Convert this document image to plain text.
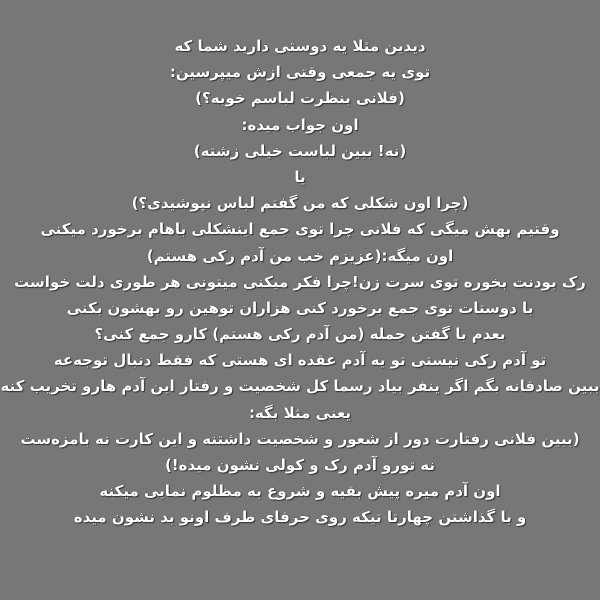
دیدین مثلا یه دوستی دارید شما که
توی یه جمعی وقتی ازش میپرسین:
(فلانی بنظرت لباسم خوبه؟)
اون جواب میده:
(نه! ببین لباست خیلی زشته)
یا
(چرا اون شکلی که من گفتم لباس نپوشیدی؟)
وقتیم بهش میگی که فلانی چرا توی جمع اینشکلی باهام برخورد میکنی
اون میگه:(عزیزم خب من آدم رکی هستم)
رک بودنت بخوره توی سرت زن!چرا فکر میکنی میتونی هر طوری دلت خواست
با دوستات توی جمع برخورد کنی هزاران توهین رو بهشون بکنی
بعدم با گفتن جمله (من آدم رکی هستم) کارو جمع کنی؟
تو آدم رکی نیستی تو یه آدم عقده ای هستی که فقط دنبال توجه‌عه
ببین صادقانه بگم اگر ینفر بیاد رسما کل شخصیت و رفتار این آدم هارو تخریب کنه
یعنی مثلا بگه:
(ببین فلانی رفتارت دور از شعور و شخصیت داشتنه و این کارت نه بامزه‌ست
نه تورو آدم رک و کولی نشون میده!)
اون آدم میره پیش بقیه و شروع به مظلوم نمایی میکنه
و با گذاشتن چهارتا تیکه روی حرفای طرف اونو بد نشون میده
